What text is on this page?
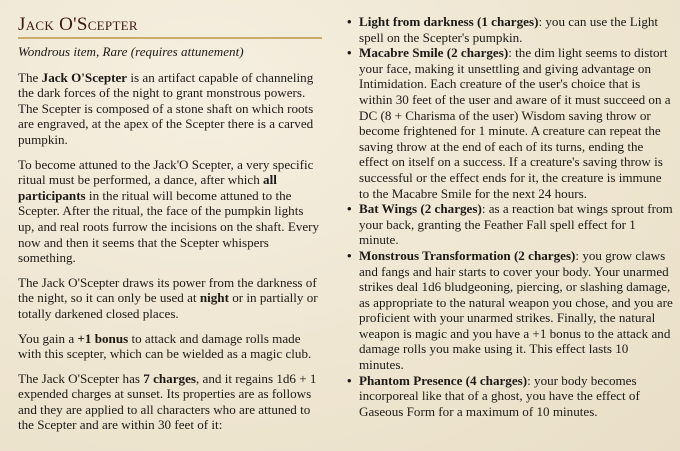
Jack O'Scepter
Wondrous item, Rare (requires attunement)

The Jack O'Scepter is an artifact capable of channeling the dark forces of the night to grant monstrous powers. The Scepter is composed of a stone shaft on which roots are engraved, at the apex of the Scepter there is a carved pumpkin.

To become attuned to the Jack'O Scepter, a very specific ritual must be performed, a dance, after which all participants in the ritual will become attuned to the Scepter. After the ritual, the face of the pumpkin lights up, and real roots furrow the incisions on the shaft. Every now and then it seems that the Scepter whispers something.

The Jack O'Scepter draws its power from the darkness of the night, so it can only be used at night or in partially or totally darkened closed places.

You gain a +1 bonus to attack and damage rolls made with this scepter, which can be wielded as a magic club.

The Jack O'Scepter has 7 charges, and it regains 1d6 + 1 expended charges at sunset. Its properties are as follows and they are applied to all characters who are attuned to the Scepter and are within 30 feet of it:

• Light from darkness (1 charges): you can use the Light spell on the Scepter's pumpkin.
• Macabre Smile (2 charges): the dim light seems to distort your face, making it unsettling and giving advantage on Intimidation. Each creature of the user's choice that is within 30 feet of the user and aware of it must succeed on a DC (8 + Charisma of the user) Wisdom saving throw or become frightened for 1 minute. A creature can repeat the saving throw at the end of each of its turns, ending the effect on itself on a success. If a creature's saving throw is successful or the effect ends for it, the creature is immune to the Macabre Smile for the next 24 hours.
• Bat Wings (2 charges): as a reaction bat wings sprout from your back, granting the Feather Fall spell effect for 1 minute.
• Monstrous Transformation (2 charges): you grow claws and fangs and hair starts to cover your body. Your unarmed strikes deal 1d6 bludgeoning, piercing, or slashing damage, as appropriate to the natural weapon you chose, and you are proficient with your unarmed strikes. Finally, the natural weapon is magic and you have a +1 bonus to the attack and damage rolls you make using it. This effect lasts 10 minutes.
• Phantom Presence (4 charges): your body becomes incorporeal like that of a ghost, you have the effect of Gaseous Form for a maximum of 10 minutes.
